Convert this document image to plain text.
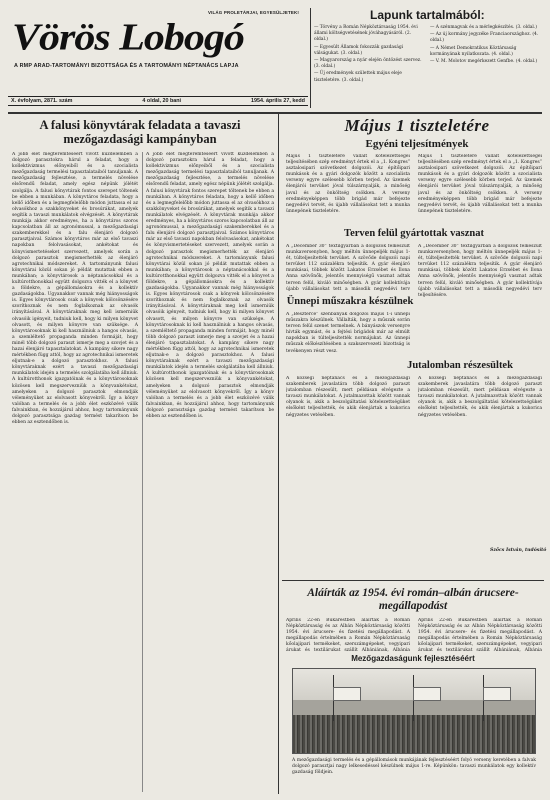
VILÁG PROLETÁRJAI, EGYESÜLJETEK!
Vörös Lobogó
A RMP ARAD-TARTOMÁNYI BIZOTTSÁGA ÉS A TARTOMÁNYI NÉPTANÁCS LAPJA
X. évfolyam, 2871. szám	4 oldal, 20 bani	1954. április 27, kedd
Lapunk tartalmából:
— Törvény a Román Népköztársaság 1954. évi állami költségvetésének jóváhagyásáról. (2. oldal.)
— Egyesült Államok fokozzák gazdasági válságukat. (3. oldal.)
— Magyarország a nyár elején öntözést szervez. (3. oldal.)
— Új eredmények születtek május eleje tiszteletére. (3. oldal.)
— A szénmagvak és a mérlegkészítés. (3. oldal.)
— Az új kormány jegyzéke Franciaországhoz. (4. oldal.)
— A Német Demokratikus Köztársaság kormányának nyilatkozata. (4. oldal.)
— V. M. Molotov megérkezett Genfbe. (4. oldal.)
A falusi könyvtárak feladata a tavaszi mezőgazdasági kampányban
A jobb élet megteremtéséért vívott küzdelemben a dolgozó parasztokra hárul a feladat, hogy a kollektivizmus előnyeiből és a szocialista mezőgazdaság termelési tapasztalataiból tanuljanak. A mezőgazdaság fejlesztése, a termelés növelése elsőrendű feladat, amely egész népünk jólétét szolgálja. A falusi könyvtárak fontos szerepet töltenek be ebben a munkában. A könyvtáros feladata, hogy a kellő időben és a legmegfelelőbb módon juttassa el az olvasókhoz a szakkönyveket és brosúrákat, amelyek segítik a tavaszi munkálatok elvégzését. A könyvtárak munkája akkor eredményes, ha a könyvtáros szoros kapcsolatban áll az agronómussal, a mezőgazdasági szakemberekkel és a falu élenjáró dolgozó parasztjaival. Számos könyvtáros már az első tavaszi napokban felolvasásokat, ankétokat és könyvismertetéseket szervezett, amelyek során a dolgozó parasztok megismerhették az élenjáró agrotechnikai módszereket. A tartományunk falusi könyvtárai közül sokan jó példát mutattak ebben a munkában; a könyvtárosok a néptanácsokkal és a kultúrotthonokkal együtt dolgozva vitték el a könyvet a földekre, a gépállomásokra és a kollektív gazdaságokba. Ugyanakkor vannak még hiányosságok is. Egyes könyvtárosok csak a könyvek kölcsönzésére szorítkoznak és nem foglalkoznak az olvasók irányításával. A könyvtáraknak meg kell ismerniük olvasóik igényeit, tudniuk kell, hogy ki milyen könyvet olvasott, és milyen könyvre van szüksége. A könyvtárosoknak ki kell használniuk a hangos olvasás, a szemléltető propaganda minden formáját, hogy minél több dolgozó paraszt ismerje meg a szovjet és a hazai élenjáró tapasztalatokat. A kampány sikere nagy mértékben függ attól, hogy az agrotechnikai ismeretek eljutnak-e a dolgozó parasztokhoz. A falusi könyvtáraknak ezért a tavaszi mezőgazdasági munkálatok idején a termelés szolgálatába kell állniuk. A kultúrotthonok igazgatóinak és a könyvtárosoknak közösen kell megszervezniük a könyvankétokat, amelyeken a dolgozó parasztok elmondják véleményüket az elolvasott könyvekről. Így a könyv valóban a termelés és a jobb élet eszközévé válik falvainkban, és hozzájárul ahhoz, hogy tartományunk dolgozó parasztsága gazdag termést takarítson be ebben az esztendőben is.
A jobb élet megteremtéséért vívott küzdelemben a dolgozó parasztokra hárul a feladat, hogy a kollektivizmus előnyeiből és a szocialista mezőgazdaság termelési tapasztalataiból tanuljanak. A mezőgazdaság fejlesztése, a termelés növelése elsőrendű feladat, amely egész népünk jólétét szolgálja. A falusi könyvtárak fontos szerepet töltenek be ebben a munkában. A könyvtáros feladata, hogy a kellő időben és a legmegfelelőbb módon juttassa el az olvasókhoz a szakkönyveket és brosúrákat, amelyek segítik a tavaszi munkálatok elvégzését. A könyvtárak munkája akkor eredményes, ha a könyvtáros szoros kapcsolatban áll az agronómussal, a mezőgazdasági szakemberekkel és a falu élenjáró dolgozó parasztjaival. Számos könyvtáros már az első tavaszi napokban felolvasásokat, ankétokat és könyvismertetéseket szervezett, amelyek során a dolgozó parasztok megismerhették az élenjáró agrotechnikai módszereket. A tartományunk falusi könyvtárai közül sokan jó példát mutattak ebben a munkában; a könyvtárosok a néptanácsokkal és a kultúrotthonokkal együtt dolgozva vitték el a könyvet a földekre, a gépállomásokra és a kollektív gazdaságokba. Ugyanakkor vannak még hiányosságok is. Egyes könyvtárosok csak a könyvek kölcsönzésére szorítkoznak és nem foglalkoznak az olvasók irányításával. A könyvtáraknak meg kell ismerniük olvasóik igényeit, tudniuk kell, hogy ki milyen könyvet olvasott, és milyen könyvre van szüksége. A könyvtárosoknak ki kell használniuk a hangos olvasás, a szemléltető propaganda minden formáját, hogy minél több dolgozó paraszt ismerje meg a szovjet és a hazai élenjáró tapasztalatokat. A kampány sikere nagy mértékben függ attól, hogy az agrotechnikai ismeretek eljutnak-e a dolgozó parasztokhoz. A falusi könyvtáraknak ezért a tavaszi mezőgazdasági munkálatok idején a termelés szolgálatába kell állniuk. A kultúrotthonok igazgatóinak és a könyvtárosoknak közösen kell megszervezniük a könyvankétokat, amelyeken a dolgozó parasztok elmondják véleményüket az elolvasott könyvekről. Így a könyv valóban a termelés és a jobb élet eszközévé válik falvainkban, és hozzájárul ahhoz, hogy tartományunk dolgozó parasztsága gazdag termést takarítson be ebben az esztendőben is.
Május 1 tiszteletére
Egyéni teljesítmények
Május 1 tiszteletére vállalt kötelezettségei teljesítésében szép eredményt értek el a „1. Kongres” asztalosipari szövetkezet dolgozói. Az építőipari munkások és a gyári dolgozók között a szocialista verseny egyre szélesebb körben terjed. Az üzemek élenjárói tervüket jóval túlszárnyalják, a minőség javul és az önköltség csökken. A verseny eredményeképpen több brigád már befejezte negyedévi tervét, és újabb vállalásokat tett a munka ünnepének tiszteletére.
Május 1 tiszteletére vállalt kötelezettségei teljesítésében szép eredményt értek el a „1. Kongres” asztalosipari szövetkezet dolgozói. Az építőipari munkások és a gyári dolgozók között a szocialista verseny egyre szélesebb körben terjed. Az üzemek élenjárói tervüket jóval túlszárnyalják, a minőség javul és az önköltség csökken. A verseny eredményeképpen több brigád már befejezte negyedévi tervét, és újabb vállalásokat tett a munka ünnepének tiszteletére.
Terven felül gyártottak vasznat
A „December 30” textilgyárban a dolgozók felkészült munkaversenyben, hogy méltón ünnepeljék május 1-ét, túlteljesítették tervüket. A szövőde dolgozói napi tervüket 112 százalékra teljesítik. A gyár élenjáró munkásai, többek között Lakatos Erzsébet és Ilona Anna szövőnők, jelentős mennyiségű vasznat adtak terven felül, kiváló minőségben. A gyár kollektívája újabb vállalásokat tett a második negyedévi terv
A „December 30” textilgyárban a dolgozók felkészült munkaversenyben, hogy méltón ünnepeljék május 1-ét, túlteljesítették tervüket. A szövőde dolgozói napi tervüket 112 százalékra teljesítik. A gyár élenjáró munkásai, többek között Lakatos Erzsébet és Ilona Anna szövőnők, jelentős mennyiségű vasznat adtak terven felül, kiváló minőségben. A gyár kollektívája újabb vállalásokat tett a második negyedévi terv teljesítésére.
Ünnepi műszakra készülnek
A „Beszterce” szénbányák dolgozói május 1-i ünnepi műszakra készülnek. Vállalták, hogy a műszak során terven felül szenet termelnek. A bányászok versenyre hívták egymást, és a fejtési brigádok már az elmúlt napokban is túlteljesítették normájukat. Az ünnepi műszak előkészítésében a szakszervezeti bizottság is tevékenyen részt vesz.
Jutalomban részesültek
A községi néptanács és a mezőgazdasági szakemberek javaslatára több dolgozó paraszt jutalomban részesült, mert példásan elvégezte a tavaszi munkálatokat. A jutalmazottak között vannak olyanok is, akik a beszolgáltatási kötelezettségüket elsőként teljesítették, és akik élenjártak a kukorica négyzetes vetésében.
A községi néptanács és a mezőgazdasági szakemberek javaslatára több dolgozó paraszt jutalomban részesült, mert példásan elvégezte a tavaszi munkálatokat. A jutalmazottak között vannak olyanok is, akik a beszolgáltatási kötelezettségüket elsőként teljesítették, és akik élenjártak a kukorica négyzetes vetésében.
Szőcs István, tudósító
Aláírták az 1954. évi román–albán árucsere-megállapodást
Április 22-én Bukarestben aláírták a Román Népköztársaság és az Albán Népköztársaság közötti 1954. évi árucsere- és fizetési megállapodást. A megállapodás értelmében a Román Népköztársaság kőolajipari termékeket, szerszámgépeket, vegyipari árukat és textilárukat szállít Albániának, Albánia
Április 22-én Bukarestben aláírták a Román Népköztársaság és az Albán Népköztársaság közötti 1954. évi árucsere- és fizetési megállapodást. A megállapodás értelmében a Román Népköztársaság kőolajipari termékeket, szerszámgépeket, vegyipari árukat és textilárukat szállít Albániának, Albánia
Mezőgazdaságunk fejlesztéséért
A mezőgazdasági termelés és a gépállomások munkájának fejlesztéséért folyó verseny keretében a falvak dolgozó parasztjai nagy lelkesedéssel készülnek május 1-re. Képünkön: tavaszi munkálatok egy kollektív gazdaság földjein.
